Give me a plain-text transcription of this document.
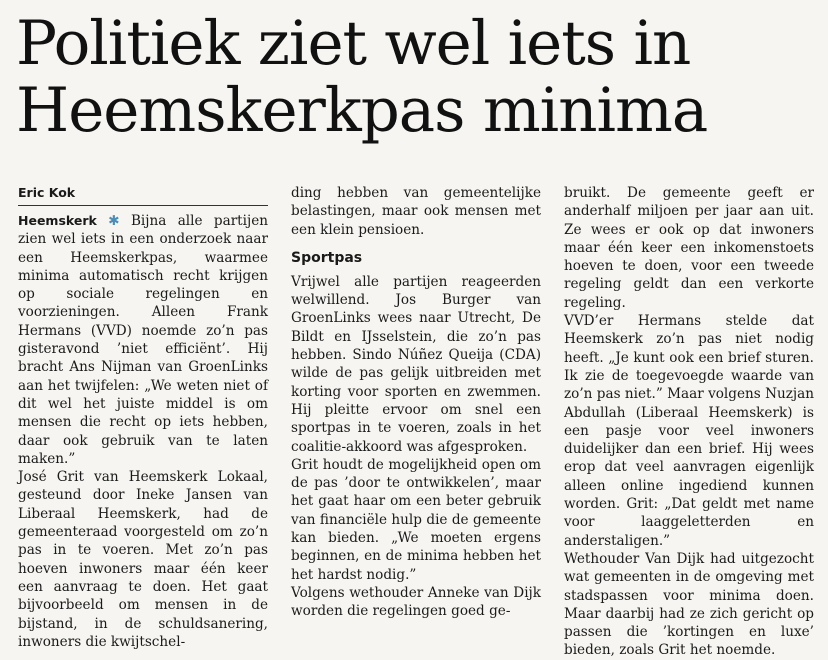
Politiek ziet wel iets in
Heemskerkpas minima
Eric Kok

Heemskerk ✱ Bijna alle partijen zien wel iets in een onderzoek naar een Heemskerkpas, waarmee minima automatisch recht krijgen op sociale regelingen en voorzieningen. Alleen Frank Hermans (VVD) noemde zo’n pas gisteravond ’niet efficiënt’. Hij bracht Ans Nijman van GroenLinks aan het twijfelen: „We weten niet of dit wel het juiste middel is om mensen die recht op iets hebben, daar ook gebruik van te laten maken.”

José Grit van Heemskerk Lokaal, gesteund door Ineke Jansen van Liberaal Heemskerk, had de gemeenteraad voorgesteld om zo’n pas in te voeren. Met zo’n pas hoeven inwoners maar één keer een aanvraag te doen. Het gaat bijvoorbeeld om mensen in de bijstand, in de schuldsanering, inwoners die kwijtschel-

ding hebben van gemeentelijke belastingen, maar ook mensen met een klein pensioen.

Sportpas

Vrijwel alle partijen reageerden welwillend. Jos Burger van GroenLinks wees naar Utrecht, De Bildt en IJsselstein, die zo’n pas hebben. Sindo Núñez Queija (CDA) wilde de pas gelijk uitbreiden met korting voor sporten en zwemmen. Hij pleitte ervoor om snel een sportpas in te voeren, zoals in het coalitie-akkoord was afgesproken.

Grit houdt de mogelijkheid open om de pas ’door te ontwikkelen’, maar het gaat haar om een beter gebruik van financiële hulp die de gemeente kan bieden. „We moeten ergens beginnen, en de minima hebben het het hardst nodig.”

Volgens wethouder Anneke van Dijk worden die regelingen goed ge-

bruikt. De gemeente geeft er anderhalf miljoen per jaar aan uit. Ze wees er ook op dat inwoners maar één keer een inkomenstoets hoeven te doen, voor een tweede regeling geldt dan een verkorte regeling.

VVD’er Hermans stelde dat Heemskerk zo’n pas niet nodig heeft. „Je kunt ook een brief sturen. Ik zie de toegevoegde waarde van zo’n pas niet.” Maar volgens Nuzjan Abdullah (Liberaal Heemskerk) is een pasje voor veel inwoners duidelijker dan een brief. Hij wees erop dat veel aanvragen eigenlijk alleen online ingediend kunnen worden. Grit: „Dat geldt met name voor laaggeletterden en anderstaligen.”

Wethouder Van Dijk had uitgezocht wat gemeenten in de omgeving met stadspassen voor minima doen. Maar daarbij had ze zich gericht op passen die ’kortingen en luxe’ bieden, zoals Grit het noemde.
